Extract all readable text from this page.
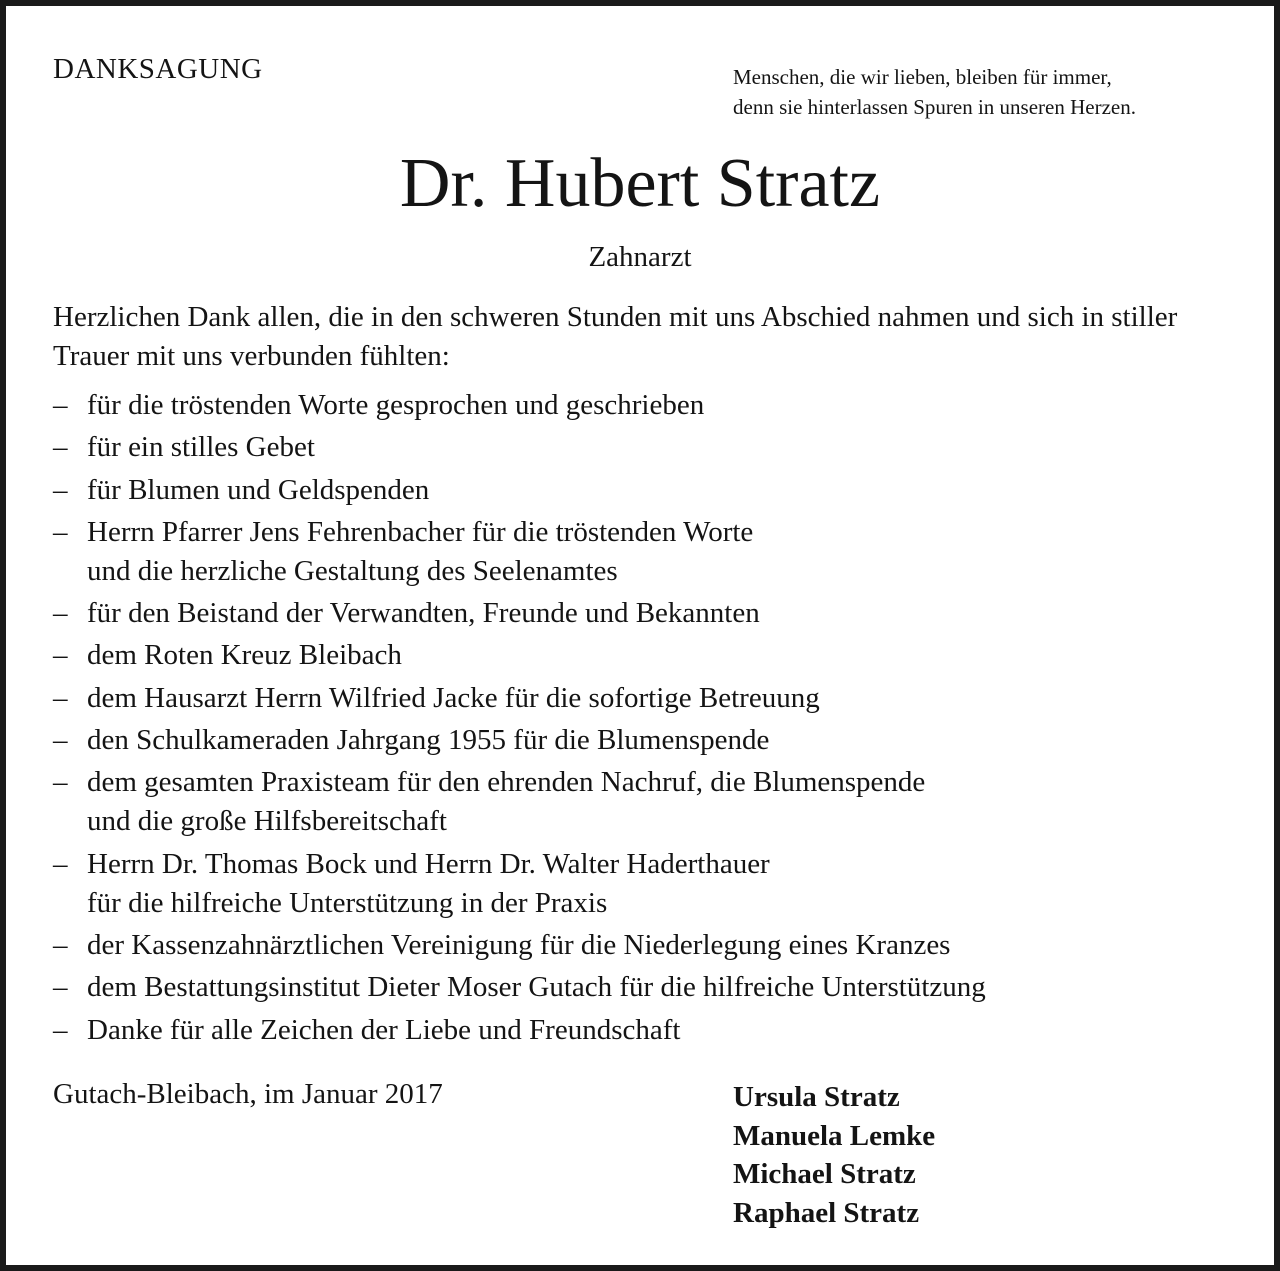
DANKSAGUNG	Menschen, die wir lieben, bleiben für immer,
denn sie hinterlassen Spuren in unseren Herzen.
Dr. Hubert Stratz
Zahnarzt
Herzlichen Dank allen, die in den schweren Stunden mit uns Abschied nahmen und sich in stiller Trauer mit uns verbunden fühlten:
– für die tröstenden Worte gesprochen und geschrieben
– für ein stilles Gebet
– für Blumen und Geldspenden
– Herrn Pfarrer Jens Fehrenbacher für die tröstenden Worte
und die herzliche Gestaltung des Seelenamtes
– für den Beistand der Verwandten, Freunde und Bekannten
– dem Roten Kreuz Bleibach
– dem Hausarzt Herrn Wilfried Jacke für die sofortige Betreuung
– den Schulkameraden Jahrgang 1955 für die Blumenspende
– dem gesamten Praxisteam für den ehrenden Nachruf, die Blumenspende
und die große Hilfsbereitschaft
– Herrn Dr. Thomas Bock und Herrn Dr. Walter Haderthauer
für die hilfreiche Unterstützung in der Praxis
– der Kassenzahnärztlichen Vereinigung für die Niederlegung eines Kranzes
– dem Bestattungsinstitut Dieter Moser Gutach für die hilfreiche Unterstützung
– Danke für alle Zeichen der Liebe und Freundschaft
Gutach-Bleibach, im Januar 2017	Ursula Stratz
Manuela Lemke
Michael Stratz
Raphael Stratz
